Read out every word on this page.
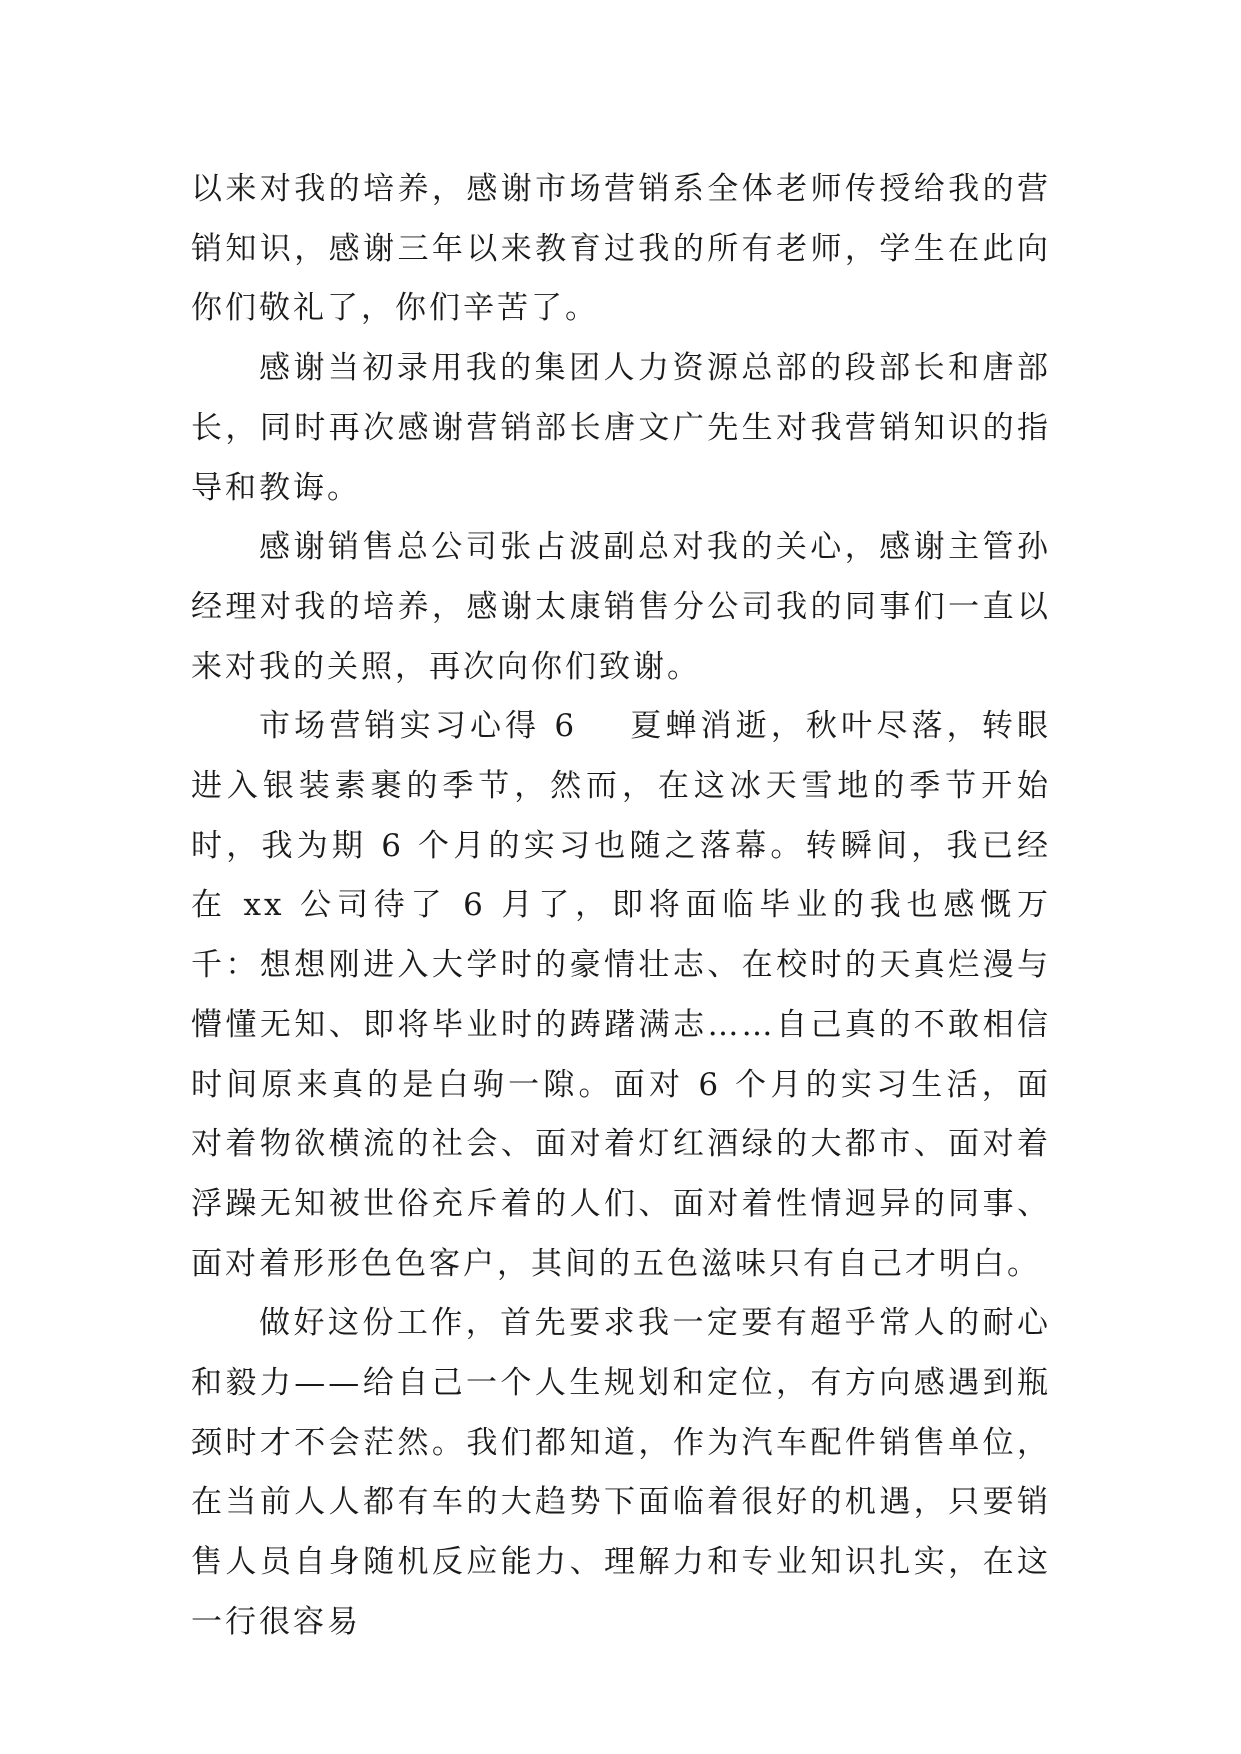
以来对我的培养，感谢市场营销系全体老师传授给我的营销知识，感谢三年以来教育过我的所有老师，学生在此向你们敬礼了，你们辛苦了。

感谢当初录用我的集团人力资源总部的段部长和唐部长，同时再次感谢营销部长唐文广先生对我营销知识的指导和教诲。

感谢销售总公司张占波副总对我的关心，感谢主管孙经理对我的培养，感谢太康销售分公司我的同事们一直以来对我的关照，再次向你们致谢。

市场营销实习心得 6 夏蝉消逝，秋叶尽落，转眼进入银装素裹的季节，然而，在这冰天雪地的季节开始时，我为期 6 个月的实习也随之落幕。转瞬间，我已经在 xx 公司待了 6 月了，即将面临毕业的我也感慨万千：想想刚进入大学时的豪情壮志、在校时的天真烂漫与懵懂无知、即将毕业时的踌躇满志……自己真的不敢相信时间原来真的是白驹一隙。面对 6 个月的实习生活，面对着物欲横流的社会、面对着灯红酒绿的大都市、面对着浮躁无知被世俗充斥着的人们、面对着性情迥异的同事、面对着形形色色客户，其间的五色滋味只有自己才明白。

做好这份工作，首先要求我一定要有超乎常人的耐心和毅力——给自己一个人生规划和定位，有方向感遇到瓶颈时才不会茫然。我们都知道，作为汽车配件销售单位，在当前人人都有车的大趋势下面临着很好的机遇，只要销售人员自身随机反应能力、理解力和专业知识扎实，在这一行很容易
